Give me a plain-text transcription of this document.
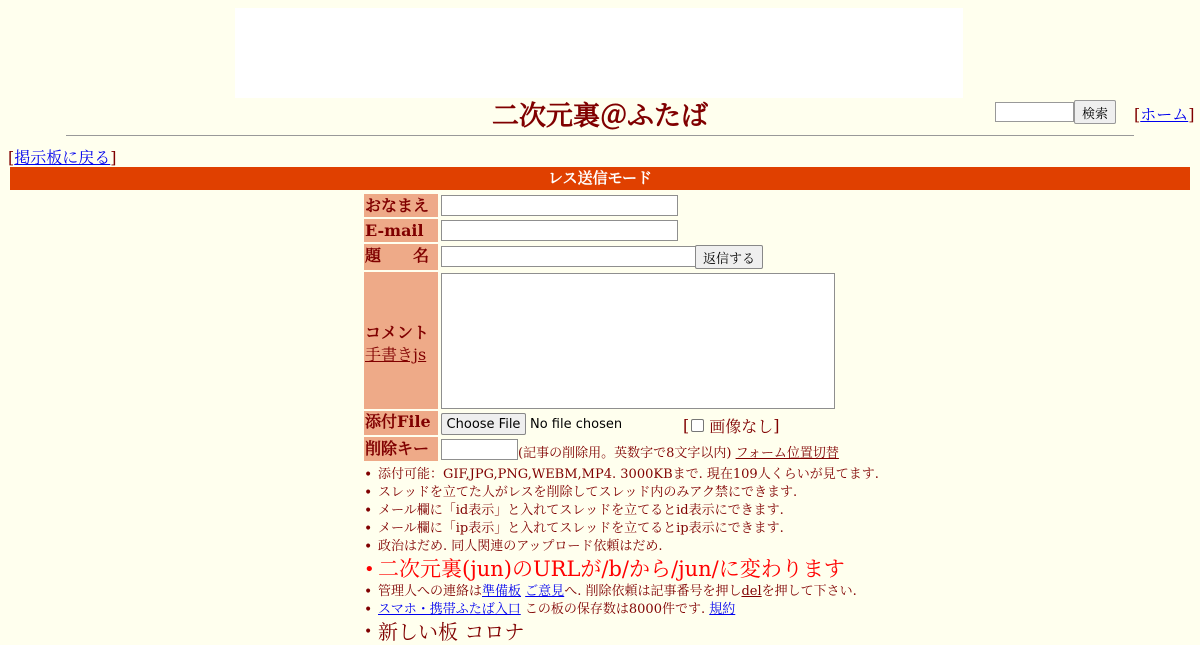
二次元裏＠ふたば	検索	[ホーム]
[掲示板に戻る]
レス送信モード
おなまえ
E-mail
題　　名	返信する
コメント
手書きjs
添付File	Choose File No file chosen	[ 画像なし ]
削除キー	(記事の削除用。英数字で8文字以内) フォーム位置切替
• 添付可能：GIF,JPG,PNG,WEBM,MP4. 3000KBまで. 現在109人くらいが見てます.
• スレッドを立てた人がレスを削除してスレッド内のみアク禁にできます.
• メール欄に「id表示」と入れてスレッドを立てるとid表示にできます.
• メール欄に「ip表示」と入れてスレッドを立てるとip表示にできます.
• 政治はだめ. 同人関連のアップロード依頼はだめ.
• 二次元裏(jun)のURLが/b/から/jun/に変わります
• 管理人への連絡は準備板 ご意見へ. 削除依頼は記事番号を押しdelを押して下さい.
• スマホ・携帯ふたば入口 この板の保存数は8000件です. 規約
• 新しい板 コロナ
